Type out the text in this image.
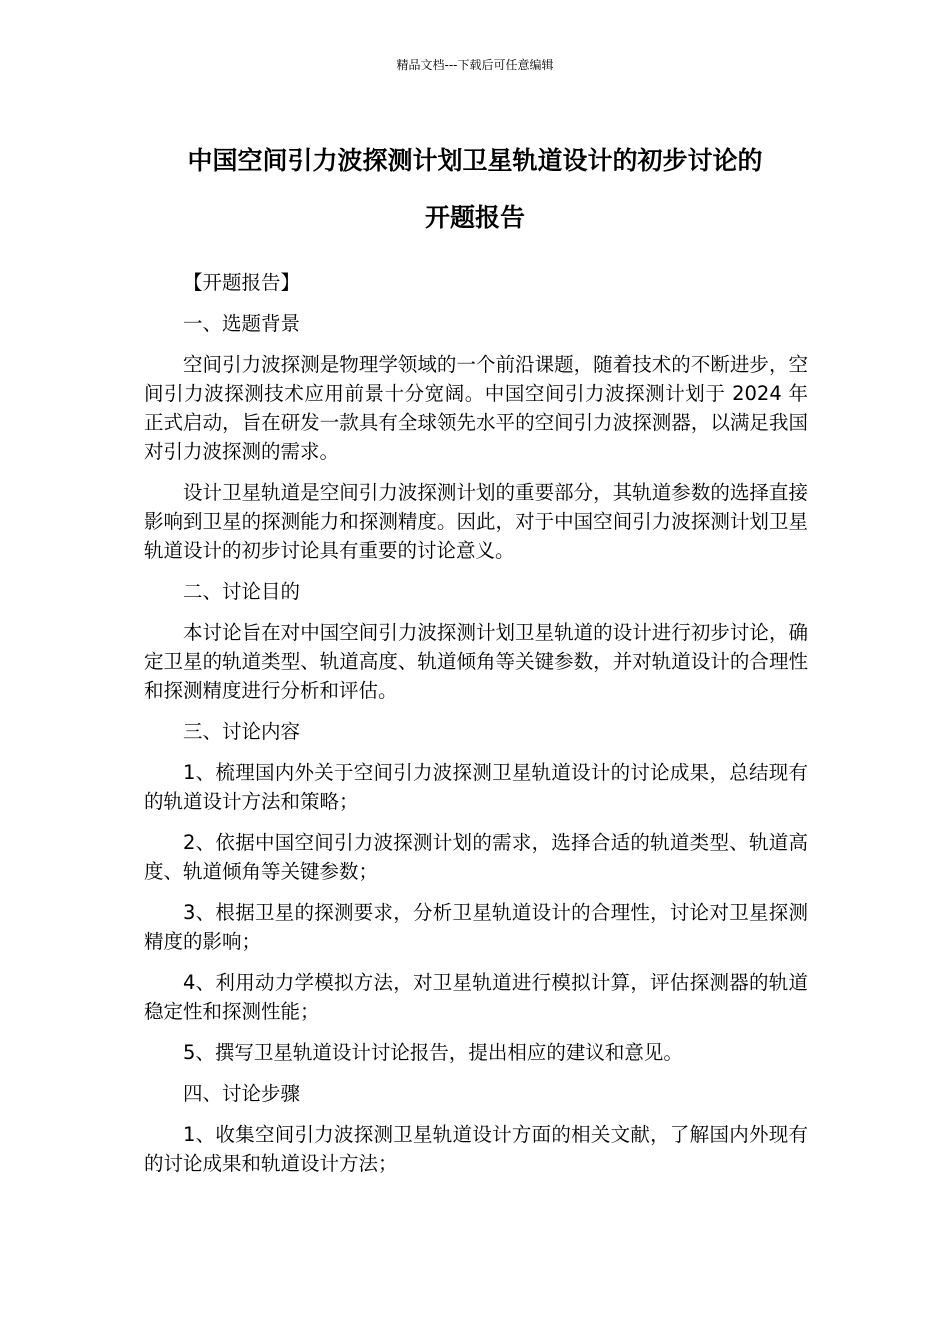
精品文档---下载后可任意编辑
中国空间引力波探测计划卫星轨道设计的初步讨论的
开题报告

【开题报告】

一、选题背景

空间引力波探测是物理学领域的一个前沿课题，随着技术的不断进步，空间引力波探测技术应用前景十分宽阔。中国空间引力波探测计划于 2024 年正式启动，旨在研发一款具有全球领先水平的空间引力波探测器，以满足我国对引力波探测的需求。

设计卫星轨道是空间引力波探测计划的重要部分，其轨道参数的选择直接影响到卫星的探测能力和探测精度。因此，对于中国空间引力波探测计划卫星轨道设计的初步讨论具有重要的讨论意义。

二、讨论目的

本讨论旨在对中国空间引力波探测计划卫星轨道的设计进行初步讨论，确定卫星的轨道类型、轨道高度、轨道倾角等关键参数，并对轨道设计的合理性和探测精度进行分析和评估。

三、讨论内容

1、梳理国内外关于空间引力波探测卫星轨道设计的讨论成果，总结现有的轨道设计方法和策略；

2、依据中国空间引力波探测计划的需求，选择合适的轨道类型、轨道高度、轨道倾角等关键参数；

3、根据卫星的探测要求，分析卫星轨道设计的合理性，讨论对卫星探测精度的影响；

4、利用动力学模拟方法，对卫星轨道进行模拟计算，评估探测器的轨道稳定性和探测性能；

5、撰写卫星轨道设计讨论报告，提出相应的建议和意见。

四、讨论步骤

1、收集空间引力波探测卫星轨道设计方面的相关文献，了解国内外现有的讨论成果和轨道设计方法；
